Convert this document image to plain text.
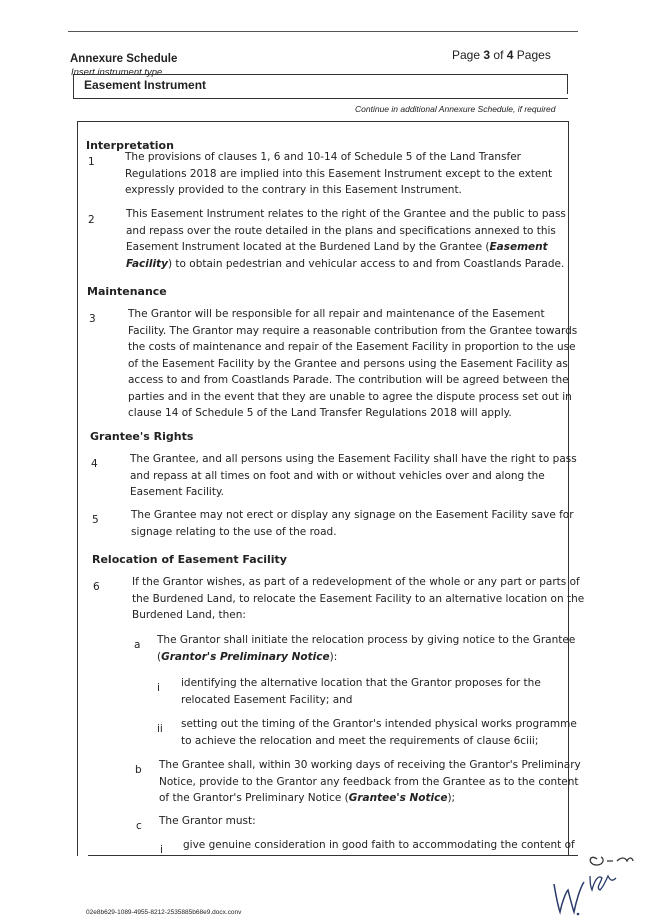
Annexure Schedule	Page 3 of 4 Pages
Insert instrument type
Easement Instrument
Continue in additional Annexure Schedule, if required
Interpretation
1	The provisions of clauses 1, 6 and 10-14 of Schedule 5 of the Land Transfer
Regulations 2018 are implied into this Easement Instrument except to the extent
expressly provided to the contrary in this Easement Instrument.
2	This Easement Instrument relates to the right of the Grantee and the public to pass
and repass over the route detailed in the plans and specifications annexed to this
Easement Instrument located at the Burdened Land by the Grantee (Easement
Facility) to obtain pedestrian and vehicular access to and from Coastlands Parade.
Maintenance
3	The Grantor will be responsible for all repair and maintenance of the Easement
Facility. The Grantor may require a reasonable contribution from the Grantee towards
the costs of maintenance and repair of the Easement Facility in proportion to the use
of the Easement Facility by the Grantee and persons using the Easement Facility as
access to and from Coastlands Parade. The contribution will be agreed between the
parties and in the event that they are unable to agree the dispute process set out in
clause 14 of Schedule 5 of the Land Transfer Regulations 2018 will apply.
Grantee's Rights
4	The Grantee, and all persons using the Easement Facility shall have the right to pass
and repass at all times on foot and with or without vehicles over and along the
Easement Facility.
5	The Grantee may not erect or display any signage on the Easement Facility save for
signage relating to the use of the road.
Relocation of Easement Facility
6	If the Grantor wishes, as part of a redevelopment of the whole or any part or parts of
the Burdened Land, to relocate the Easement Facility to an alternative location on the
Burdened Land, then:
a The Grantor shall initiate the relocation process by giving notice to the Grantee
(Grantor's Preliminary Notice):
i identifying the alternative location that the Grantor proposes for the
relocated Easement Facility; and
ii setting out the timing of the Grantor's intended physical works programme
to achieve the relocation and meet the requirements of clause 6ciii;
b The Grantee shall, within 30 working days of receiving the Grantor's Preliminary
Notice, provide to the Grantor any feedback from the Grantee as to the content
of the Grantor's Preliminary Notice (Grantee's Notice);
c The Grantor must:
i give genuine consideration in good faith to accommodating the content of
02e8b629-1089-4955-8212-2535885b68e9.docx.conv
